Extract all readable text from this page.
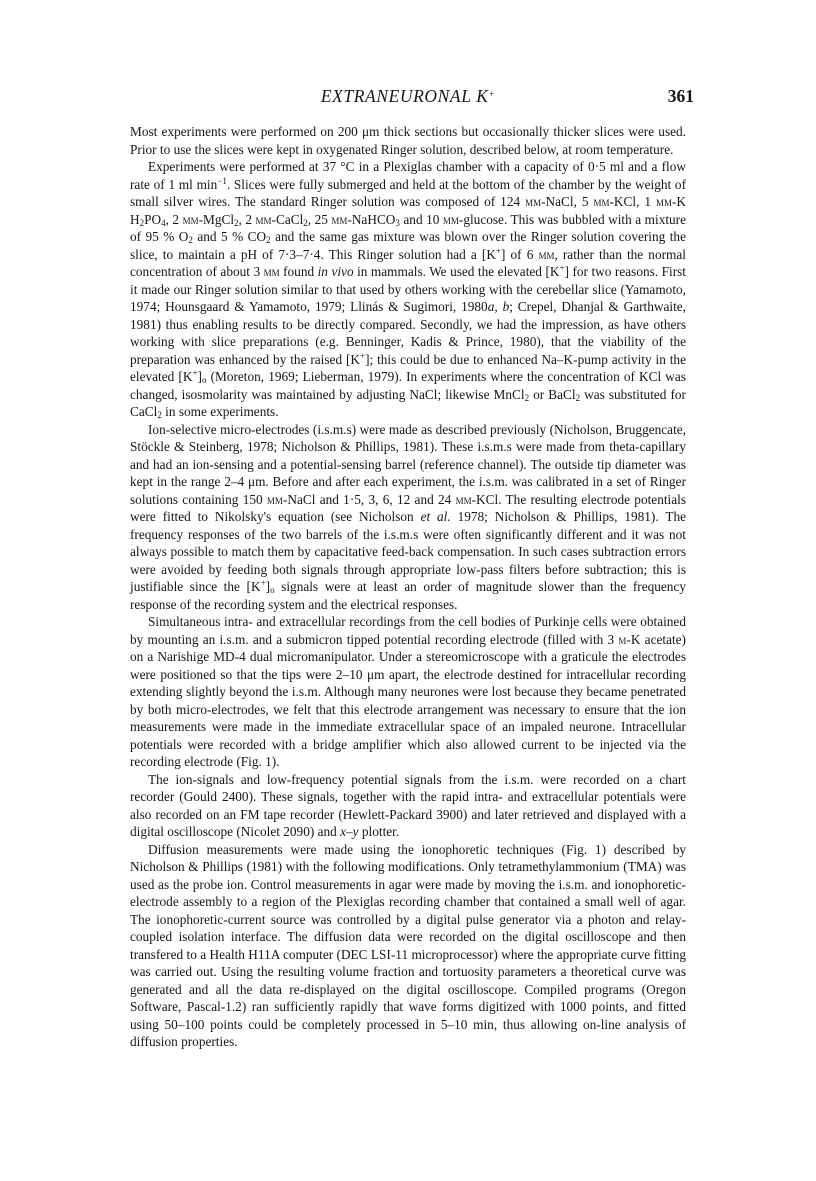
EXTRANEURONAL K+	361

Most experiments were performed on 200 μm thick sections but occasionally thicker slices were used. Prior to use the slices were kept in oxygenated Ringer solution, described below, at room temperature.

Experiments were performed at 37 °C in a Plexiglas chamber with a capacity of 0·5 ml and a flow rate of 1 ml $\min^{-1}$. Slices were fully submerged and held at the bottom of the chamber by the weight of small silver wires. The standard Ringer solution was composed of 124 mm-NaCl, 5 mm-KCl, 1 mm-K $H_2PO_4$, 2 mm-MgCl$_2$, 2 mm-CaCl$_2$, 25 mm-NaHCO$_3$ and 10 mm-glucose. This was bubbled with a mixture of 95 % $O_2$ and 5 % $CO_2$ and the same gas mixture was blown over the Ringer solution covering the slice, to maintain a pH of 7·3–7·4. This Ringer solution had a [K+] of 6 mm, rather than the normal concentration of about 3 mm found in vivo in mammals. We used the elevated [K+] for two reasons. First it made our Ringer solution similar to that used by others working with the cerebellar slice (Yamamoto, 1974; Hounsgaard & Yamamoto, 1979; Llinás & Sugimori, 1980a, b; Crepel, Dhanjal & Garthwaite, 1981) thus enabling results to be directly compared. Secondly, we had the impression, as have others working with slice preparations (e.g. Benninger, Kadis & Prince, 1980), that the viability of the preparation was enhanced by the raised [K+]; this could be due to enhanced Na–K-pump activity in the elevated $[K^+]_o$ (Moreton, 1969; Lieberman, 1979). In experiments where the concentration of KCl was changed, isosmolarity was maintained by adjusting NaCl; likewise MnCl$_2$ or BaCl$_2$ was substituted for CaCl$_2$ in some experiments.

Ion-selective micro-electrodes (i.s.m.s) were made as described previously (Nicholson, Bruggencate, Stöckle & Steinberg, 1978; Nicholson & Phillips, 1981). These i.s.m.s were made from theta-capillary and had an ion-sensing and a potential-sensing barrel (reference channel). The outside tip diameter was kept in the range 2–4 μm. Before and after each experiment, the i.s.m. was calibrated in a set of Ringer solutions containing 150 mm-NaCl and 1·5, 3, 6, 12 and 24 mm-KCl. The resulting electrode potentials were fitted to Nikolsky's equation (see Nicholson et al. 1978; Nicholson & Phillips, 1981). The frequency responses of the two barrels of the i.s.m.s were often significantly different and it was not always possible to match them by capacitative feed-back compensation. In such cases subtraction errors were avoided by feeding both signals through appropriate low-pass filters before subtraction; this is justifiable since the $[K^+]_o$ signals were at least an order of magnitude slower than the frequency response of the recording system and the electrical responses.

Simultaneous intra- and extracellular recordings from the cell bodies of Purkinje cells were obtained by mounting an i.s.m. and a submicron tipped potential recording electrode (filled with 3 m-K acetate) on a Narishige MD-4 dual micromanipulator. Under a stereomicroscope with a graticule the electrodes were positioned so that the tips were 2–10 μm apart, the electrode destined for intracellular recording extending slightly beyond the i.s.m. Although many neurones were lost because they became penetrated by both micro-electrodes, we felt that this electrode arrangement was necessary to ensure that the ion measurements were made in the immediate extracellular space of an impaled neurone. Intracellular potentials were recorded with a bridge amplifier which also allowed current to be injected via the recording electrode (Fig. 1).

The ion-signals and low-frequency potential signals from the i.s.m. were recorded on a chart recorder (Gould 2400). These signals, together with the rapid intra- and extracellular potentials were also recorded on an FM tape recorder (Hewlett-Packard 3900) and later retrieved and displayed with a digital oscilloscope (Nicolet 2090) and x–y plotter.

Diffusion measurements were made using the ionophoretic techniques (Fig. 1) described by Nicholson & Phillips (1981) with the following modifications. Only tetramethylammonium (TMA) was used as the probe ion. Control measurements in agar were made by moving the i.s.m. and ionophoretic-electrode assembly to a region of the Plexiglas recording chamber that contained a small well of agar. The ionophoretic-current source was controlled by a digital pulse generator via a photon and relay-coupled isolation interface. The diffusion data were recorded on the digital oscilloscope and then transfered to a Health H11A computer (DEC LSI-11 microprocessor) where the appropriate curve fitting was carried out. Using the resulting volume fraction and tortuosity parameters a theoretical curve was generated and all the data re-displayed on the digital oscilloscope. Compiled programs (Oregon Software, Pascal-1.2) ran sufficiently rapidly that wave forms digitized with 1000 points, and fitted using 50–100 points could be completely processed in 5–10 min, thus allowing on-line analysis of diffusion properties.
